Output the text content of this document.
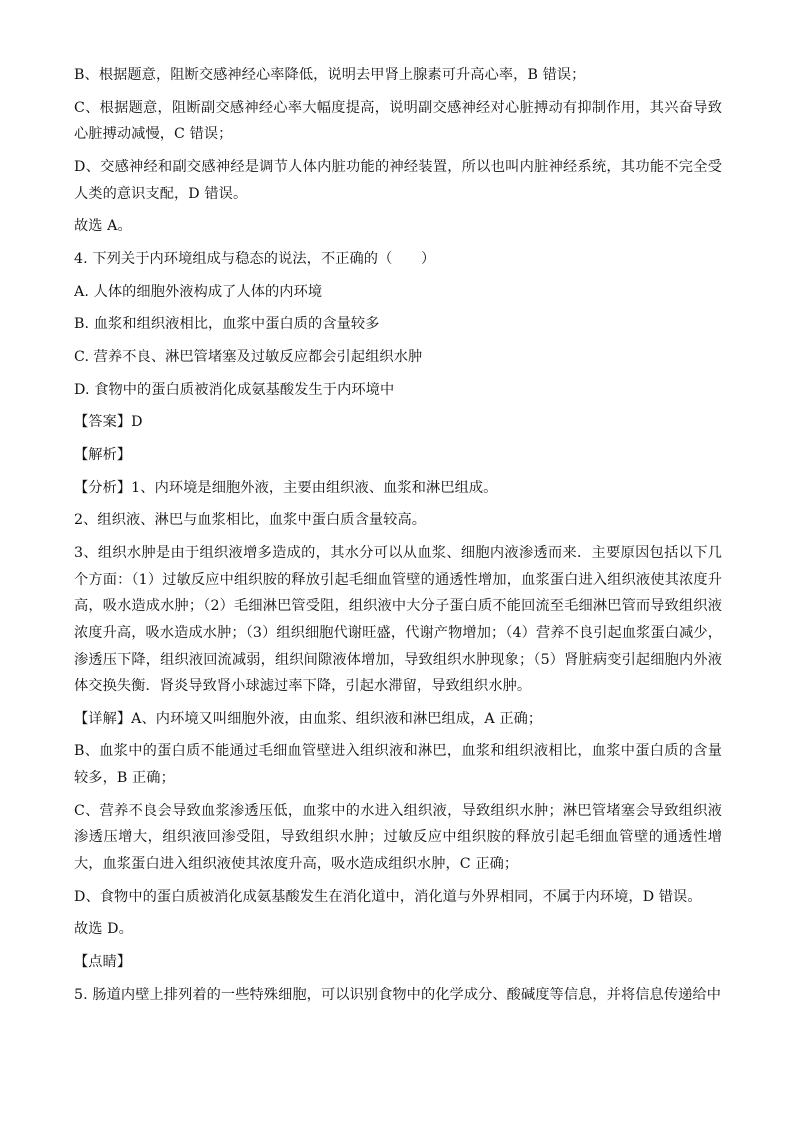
B、根据题意，阻断交感神经心率降低，说明去甲肾上腺素可升高心率，B 错误；
C、根据题意，阻断副交感神经心率大幅度提高，说明副交感神经对心脏搏动有抑制作用，其兴奋导致心脏搏动减慢，C 错误；
D、交感神经和副交感神经是调节人体内脏功能的神经装置，所以也叫内脏神经系统，其功能不完全受人类的意识支配，D 错误。
故选 A。
4. 下列关于内环境组成与稳态的说法，不正确的（　　）
A. 人体的细胞外液构成了人体的内环境
B. 血浆和组织液相比，血浆中蛋白质的含量较多
C. 营养不良、淋巴管堵塞及过敏反应都会引起组织水肿
D. 食物中的蛋白质被消化成氨基酸发生于内环境中
【答案】D
【解析】
【分析】1、内环境是细胞外液，主要由组织液、血浆和淋巴组成。
2、组织液、淋巴与血浆相比，血浆中蛋白质含量较高。
3、组织水肿是由于组织液增多造成的，其水分可以从血浆、细胞内液渗透而来．主要原因包括以下几个方面：（1）过敏反应中组织胺的释放引起毛细血管壁的通透性增加，血浆蛋白进入组织液使其浓度升高，吸水造成水肿；（2）毛细淋巴管受阻，组织液中大分子蛋白质不能回流至毛细淋巴管而导致组织液浓度升高，吸水造成水肿；（3）组织细胞代谢旺盛，代谢产物增加；（4）营养不良引起血浆蛋白减少，渗透压下降，组织液回流减弱，组织间隙液体增加，导致组织水肿现象；（5）肾脏病变引起细胞内外液体交换失衡．肾炎导致肾小球滤过率下降，引起水滞留，导致组织水肿。
【详解】A、内环境又叫细胞外液，由血浆、组织液和淋巴组成，A 正确；
B、血浆中的蛋白质不能通过毛细血管壁进入组织液和淋巴，血浆和组织液相比，血浆中蛋白质的含量较多，B 正确；
C、营养不良会导致血浆渗透压低，血浆中的水进入组织液，导致组织水肿；淋巴管堵塞会导致组织液渗透压增大，组织液回渗受阻，导致组织水肿；过敏反应中组织胺的释放引起毛细血管壁的通透性增大，血浆蛋白进入组织液使其浓度升高，吸水造成组织水肿，C 正确；
D、食物中的蛋白质被消化成氨基酸发生在消化道中，消化道与外界相同，不属于内环境，D 错误。
故选 D。
【点睛】
5. 肠道内壁上排列着的一些特殊细胞，可以识别食物中的化学成分、酸碱度等信息，并将信息传递给中
